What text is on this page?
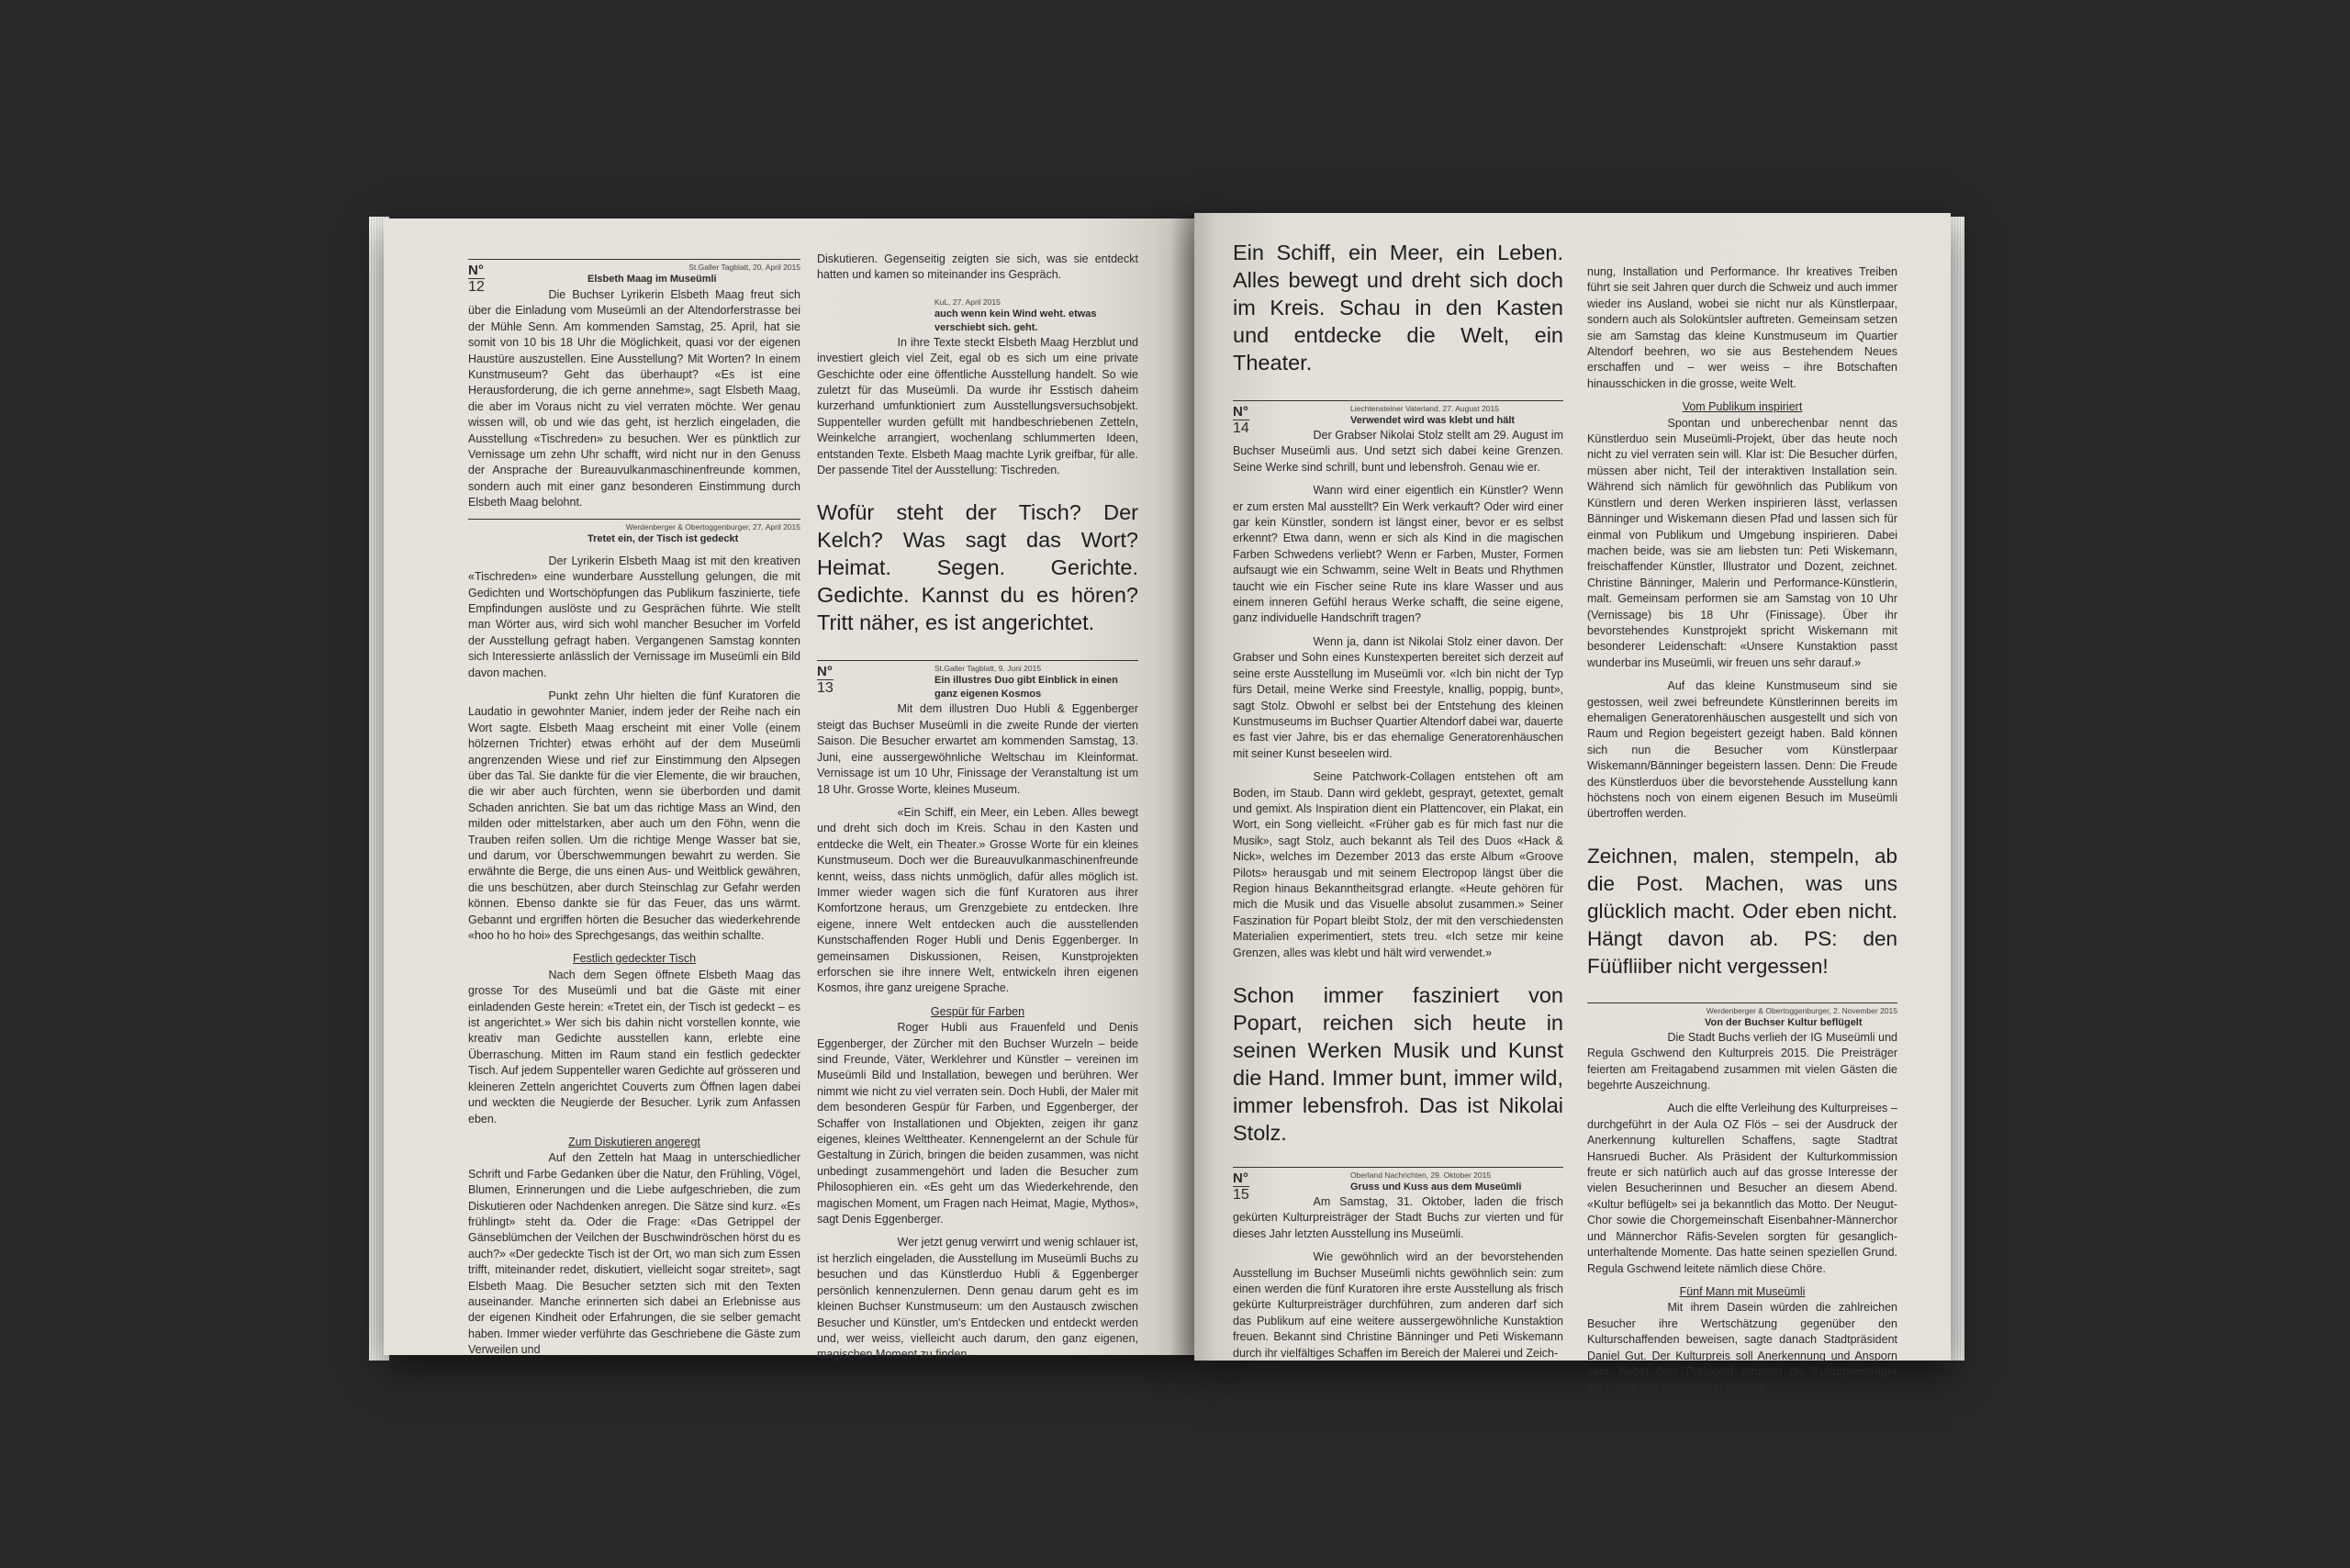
N°
12
St.Galler Tagblatt, 20. April 2015
Elsbeth Maag im Museümli

Die Buchser Lyrikerin Elsbeth Maag freut sich über die Einladung vom Museümli an der Altendorferstrasse bei der Mühle Senn. Am kommenden Samstag, 25. April, hat sie somit von 10 bis 18 Uhr die Möglichkeit, quasi vor der eigenen Haustüre auszustellen. Eine Ausstellung? Mit Worten? In einem Kunstmuseum? Geht das überhaupt? «Es ist eine Herausforderung, die ich gerne annehme», sagt Elsbeth Maag, die aber im Voraus nicht zu viel verraten möchte. Wer genau wissen will, ob und wie das geht, ist herzlich eingeladen, die Ausstellung «Tischreden» zu besuchen. Wer es pünktlich zur Vernissage um zehn Uhr schafft, wird nicht nur in den Genuss der Ansprache der Bureauvulkanmaschinenfreunde kommen, sondern auch mit einer ganz besonderen Einstimmung durch Elsbeth Maag belohnt.

Werdenberger & Obertoggenburger, 27. April 2015
Tretet ein, der Tisch ist gedeckt

Der Lyrikerin Elsbeth Maag ist mit den kreativen «Tischreden» eine wunderbare Ausstellung gelungen, die mit Gedichten und Wortschöpfungen das Publikum faszinierte, tiefe Empfindungen auslöste und zu Gesprächen führte. Wie stellt man Wörter aus, wird sich wohl mancher Besucher im Vorfeld der Ausstellung gefragt haben. Vergangenen Samstag konnten sich Interessierte anlässlich der Vernissage im Museümli ein Bild davon machen.

Punkt zehn Uhr hielten die fünf Kuratoren die Laudatio in gewohnter Manier, indem jeder der Reihe nach ein Wort sagte. Elsbeth Maag erscheint mit einer Volle (einem hölzernen Trichter) etwas erhöht auf der dem Museümli angrenzenden Wiese und rief zur Einstimmung den Alpsegen über das Tal. Sie dankte für die vier Elemente, die wir brauchen, die wir aber auch fürchten, wenn sie überborden und damit Schaden anrichten. Sie bat um das richtige Mass an Wind, den milden oder mittelstarken, aber auch um den Föhn, wenn die Trauben reifen sollen. Um die richtige Menge Wasser bat sie, und darum, vor Überschwemmungen bewahrt zu werden. Sie erwähnte die Berge, die uns einen Aus- und Weitblick gewähren, die uns beschützen, aber durch Steinschlag zur Gefahr werden können. Ebenso dankte sie für das Feuer, das uns wärmt. Gebannt und ergriffen hörten die Besucher das wiederkehrende «hoo ho ho hoi» des Sprechgesangs, das weithin schallte.

Festlich gedeckter Tisch

Nach dem Segen öffnete Elsbeth Maag das grosse Tor des Museümli und bat die Gäste mit einer einladenden Geste herein: «Tretet ein, der Tisch ist gedeckt – es ist angerichtet.» Wer sich bis dahin nicht vorstellen konnte, wie kreativ man Gedichte ausstellen kann, erlebte eine Überraschung. Mitten im Raum stand ein festlich gedeckter Tisch. Auf jedem Suppenteller waren Gedichte auf grösseren und kleineren Zetteln angerichtet Couverts zum Öffnen lagen dabei und weckten die Neugierde der Besucher. Lyrik zum Anfassen eben.

Zum Diskutieren angeregt

Auf den Zetteln hat Maag in unterschiedlicher Schrift und Farbe Gedanken über die Natur, den Frühling, Vögel, Blumen, Erinnerungen und die Liebe aufgeschrieben, die zum Diskutieren oder Nachdenken anregen. Die Sätze sind kurz. «Es frühlingt» steht da. Oder die Frage: «Das Getrippel der Gänseblümchen der Veilchen der Buschwindröschen hörst du es auch?» «Der gedeckte Tisch ist der Ort, wo man sich zum Essen trifft, miteinander redet, diskutiert, vielleicht sogar streitet», sagt Elsbeth Maag. Die Besucher setzten sich mit den Texten auseinander. Manche erinnerten sich dabei an Erlebnisse aus der eigenen Kindheit oder Erfahrungen, die sie selber gemacht haben. Immer wieder verführte das Geschriebene die Gäste zum Verweilen und

Diskutieren. Gegenseitig zeigten sie sich, was sie entdeckt hatten und kamen so miteinander ins Gespräch.

KuL, 27. April 2015
auch wenn kein Wind weht. etwas verschiebt sich. geht.

In ihre Texte steckt Elsbeth Maag Herzblut und investiert gleich viel Zeit, egal ob es sich um eine private Geschichte oder eine öffentliche Ausstellung handelt. So wie zuletzt für das Museümli. Da wurde ihr Esstisch daheim kurzerhand umfunktioniert zum Ausstellungsversuchsobjekt. Suppenteller wurden gefüllt mit handbeschriebenen Zetteln, Weinkelche arrangiert, wochenlang schlummerten Ideen, entstanden Texte. Elsbeth Maag machte Lyrik greifbar, für alle. Der passende Titel der Ausstellung: Tischreden.

Wofür steht der Tisch? Der Kelch? Was sagt das Wort? Heimat. Segen. Gerichte. Gedichte. Kannst du es hören? Tritt näher, es ist angerichtet.
N°
13
St.Galler Tagblatt, 9. Juni 2015
Ein illustres Duo gibt Einblick in einen ganz eigenen Kosmos

Mit dem illustren Duo Hubli & Eggenberger steigt das Buchser Museümli in die zweite Runde der vierten Saison. Die Besucher erwartet am kommenden Samstag, 13. Juni, eine aussergewöhnliche Weltschau im Kleinformat. Vernissage ist um 10 Uhr, Finissage der Veranstaltung ist um 18 Uhr. Grosse Worte, kleines Museum.

«Ein Schiff, ein Meer, ein Leben. Alles bewegt und dreht sich doch im Kreis. Schau in den Kasten und entdecke die Welt, ein Theater.» Grosse Worte für ein kleines Kunstmuseum. Doch wer die Bureauvulkanmaschinenfreunde kennt, weiss, dass nichts unmöglich, dafür alles möglich ist. Immer wieder wagen sich die fünf Kuratoren aus ihrer Komfortzone heraus, um Grenzgebiete zu entdecken. Ihre eigene, innere Welt entdecken auch die ausstellenden Kunstschaffenden Roger Hubli und Denis Eggenberger. In gemeinsamen Diskussionen, Reisen, Kunstprojekten erforschen sie ihre innere Welt, entwickeln ihren eigenen Kosmos, ihre ganz ureigene Sprache.

Gespür für Farben

Roger Hubli aus Frauenfeld und Denis Eggenberger, der Zürcher mit den Buchser Wurzeln – beide sind Freunde, Väter, Werklehrer und Künstler – vereinen im Museümli Bild und Installation, bewegen und berühren. Wer nimmt wie nicht zu viel verraten sein. Doch Hubli, der Maler mit dem besonderen Gespür für Farben, und Eggenberger, der Schaffer von Installationen und Objekten, zeigen ihr ganz eigenes, kleines Welttheater. Kennengelernt an der Schule für Gestaltung in Zürich, bringen die beiden zusammen, was nicht unbedingt zusammengehört und laden die Besucher zum Philosophieren ein. «Es geht um das Wiederkehrende, den magischen Moment, um Fragen nach Heimat, Magie, Mythos», sagt Denis Eggenberger.

Wer jetzt genug verwirrt und wenig schlauer ist, ist herzlich eingeladen, die Ausstellung im Museümli Buchs zu besuchen und das Künstlerduo Hubli & Eggenberger persönlich kennenzulernen. Denn genau darum geht es im kleinen Buchser Kunstmuseum: um den Austausch zwischen Besucher und Künstler, um's Entdecken und entdeckt werden und, wer weiss, vielleicht auch darum, den ganz eigenen, magischen Moment zu finden.

Ein Schiff, ein Meer, ein Leben. Alles bewegt und dreht sich doch im Kreis. Schau in den Kasten und entdecke die Welt, ein Theater.
N°
14
Liechtensteiner Vaterland, 27. August 2015
Verwendet wird was klebt und hält

Der Grabser Nikolai Stolz stellt am 29. August im Buchser Museümli aus. Und setzt sich dabei keine Grenzen. Seine Werke sind schrill, bunt und lebensfroh. Genau wie er.

Wann wird einer eigentlich ein Künstler? Wenn er zum ersten Mal ausstellt? Ein Werk verkauft? Oder wird einer gar kein Künstler, sondern ist längst einer, bevor er es selbst erkennt? Etwa dann, wenn er sich als Kind in die magischen Farben Schwedens verliebt? Wenn er Farben, Muster, Formen aufsaugt wie ein Schwamm, seine Welt in Beats und Rhythmen taucht wie ein Fischer seine Rute ins klare Wasser und aus einem inneren Gefühl heraus Werke schafft, die seine eigene, ganz individuelle Handschrift tragen?

Wenn ja, dann ist Nikolai Stolz einer davon. Der Grabser und Sohn eines Kunstexperten bereitet sich derzeit auf seine erste Ausstellung im Museümli vor. «Ich bin nicht der Typ fürs Detail, meine Werke sind Freestyle, knallig, poppig, bunt», sagt Stolz. Obwohl er selbst bei der Entstehung des kleinen Kunstmuseums im Buchser Quartier Altendorf dabei war, dauerte es fast vier Jahre, bis er das ehemalige Generatorenhäuschen mit seiner Kunst beseelen wird.

Seine Patchwork-Collagen entstehen oft am Boden, im Staub. Dann wird geklebt, gesprayt, getextet, gemalt und gemixt. Als Inspiration dient ein Plattencover, ein Plakat, ein Wort, ein Song vielleicht. «Früher gab es für mich fast nur die Musik», sagt Stolz, auch bekannt als Teil des Duos «Hack & Nick», welches im Dezember 2013 das erste Album «Groove Pilots» herausgab und mit seinem Electropop längst über die Region hinaus Bekanntheitsgrad erlangte. «Heute gehören für mich die Musik und das Visuelle absolut zusammen.» Seiner Faszination für Popart bleibt Stolz, der mit den verschiedensten Materialien experimentiert, stets treu. «Ich setze mir keine Grenzen, alles was klebt und hält wird verwendet.»

Schon immer fasziniert von Popart, reichen sich heute in seinen Werken Musik und Kunst die Hand. Immer bunt, immer wild, immer lebensfroh. Das ist Nikolai Stolz.
N°
15
Oberland Nachrichten, 29. Oktober 2015
Gruss und Kuss aus dem Museümli

Am Samstag, 31. Oktober, laden die frisch gekürten Kulturpreisträger der Stadt Buchs zur vierten und für dieses Jahr letzten Ausstellung ins Museümli.

Wie gewöhnlich wird an der bevorstehenden Ausstellung im Buchser Museümli nichts gewöhnlich sein: zum einen werden die fünf Kuratoren ihre erste Ausstellung als frisch gekürte Kulturpreisträger durchführen, zum anderen darf sich das Publikum auf eine weitere aussergewöhnliche Kunstaktion freuen. Bekannt sind Christine Bänninger und Peti Wiskemann durch ihr vielfältiges Schaffen im Bereich der Malerei und Zeich-

nung, Installation und Performance. Ihr kreatives Treiben führt sie seit Jahren quer durch die Schweiz und auch immer wieder ins Ausland, wobei sie nicht nur als Künstlerpaar, sondern auch als Soloküntsler auftreten. Gemeinsam setzen sie am Samstag das kleine Kunstmuseum im Quartier Altendorf beehren, wo sie aus Bestehendem Neues erschaffen und – wer weiss – ihre Botschaften hinausschicken in die grosse, weite Welt.

Vom Publikum inspiriert

Spontan und unberechenbar nennt das Künstlerduo sein Museümli-Projekt, über das heute noch nicht zu viel verraten sein will. Klar ist: Die Besucher dürfen, müssen aber nicht, Teil der interaktiven Installation sein. Während sich nämlich für gewöhnlich das Publikum von Künstlern und deren Werken inspirieren lässt, verlassen Bänninger und Wiskemann diesen Pfad und lassen sich für einmal von Publikum und Umgebung inspirieren. Dabei machen beide, was sie am liebsten tun: Peti Wiskemann, freischaffender Künstler, Illustrator und Dozent, zeichnet. Christine Bänninger, Malerin und Performance-Künstlerin, malt. Gemeinsam performen sie am Samstag von 10 Uhr (Vernissage) bis 18 Uhr (Finissage). Über ihr bevorstehendes Kunstprojekt spricht Wiskemann mit besonderer Leidenschaft: «Unsere Kunstaktion passt wunderbar ins Museümli, wir freuen uns sehr darauf.»

Auf das kleine Kunstmuseum sind sie gestossen, weil zwei befreundete Künstlerinnen bereits im ehemaligen Generatorenhäuschen ausgestellt und sich von Raum und Region begeistert gezeigt haben. Bald können sich nun die Besucher vom Künstlerpaar Wiskemann/Bänninger begeistern lassen. Denn: Die Freude des Künstlerduos über die bevorstehende Ausstellung kann höchstens noch von einem eigenen Besuch im Museümli übertroffen werden.

Zeichnen, malen, stempeln, ab die Post. Machen, was uns glücklich macht. Oder eben nicht. Hängt davon ab. PS: den Füüfliiber nicht vergessen!
Werdenberger & Obertoggenburger, 2. November 2015
Von der Buchser Kultur beflügelt

Die Stadt Buchs verlieh der IG Museümli und Regula Gschwend den Kulturpreis 2015. Die Preisträger feierten am Freitagabend zusammen mit vielen Gästen die begehrte Auszeichnung.

Auch die elfte Verleihung des Kulturpreises – durchgeführt in der Aula OZ Flös – sei der Ausdruck der Anerkennung kulturellen Schaffens, sagte Stadtrat Hansruedi Bucher. Als Präsident der Kulturkommission freute er sich natürlich auch auf das grosse Interesse der vielen Besucherinnen und Besucher an diesem Abend. «Kultur beflügelt» sei ja bekanntlich das Motto. Der Neugut-Chor sowie die Chorgemeinschaft Eisenbahner-Männerchor und Männerchor Räfis-Sevelen sorgten für gesanglich-unterhaltende Momente. Das hatte seinen speziellen Grund. Regula Gschwend leitete nämlich diese Chöre.

Fünf Mann mit Museümli

Mit ihrem Dasein würden die zahlreichen Besucher ihre Wertschätzung gegenüber den Kulturschaffenden beweisen, sagte danach Stadtpräsident Daniel Gut. Der Kulturpreis soll Anerkennung und Ansporn sein. Nebst dem Preisgeld erhalten die Kulturpreisträger auch eine von René Düsel geschaf-
